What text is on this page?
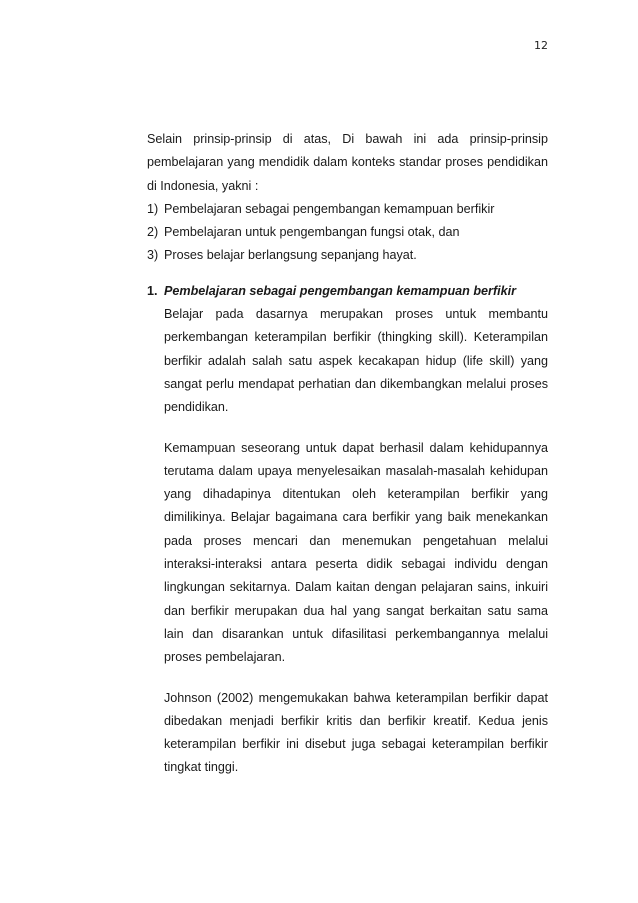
12

Selain prinsip-prinsip di atas, Di bawah ini ada prinsip-prinsip pembelajaran yang mendidik dalam konteks standar proses pendidikan di Indonesia, yakni :

1) Pembelajaran sebagai pengembangan kemampuan berfikir
2) Pembelajaran untuk pengembangan fungsi otak, dan
3) Proses belajar berlangsung sepanjang hayat.
1. Pembelajaran sebagai pengembangan kemampuan berfikir

Belajar pada dasarnya merupakan proses untuk membantu perkembangan keterampilan berfikir (thingking skill). Keterampilan berfikir adalah salah satu aspek kecakapan hidup (life skill) yang sangat perlu mendapat perhatian dan dikembangkan melalui proses pendidikan.

Kemampuan seseorang untuk dapat berhasil dalam kehidupannya terutama dalam upaya menyelesaikan masalah-masalah kehidupan yang dihadapinya ditentukan oleh keterampilan berfikir yang dimilikinya. Belajar bagaimana cara berfikir yang baik menekankan pada proses mencari dan menemukan pengetahuan melalui interaksi-interaksi antara peserta didik sebagai individu dengan lingkungan sekitarnya. Dalam kaitan dengan pelajaran sains, inkuiri dan berfikir merupakan dua hal yang sangat berkaitan satu sama lain dan disarankan untuk difasilitasi perkembangannya melalui proses pembelajaran.

Johnson (2002) mengemukakan bahwa keterampilan berfikir dapat dibedakan menjadi berfikir kritis dan berfikir kreatif. Kedua jenis keterampilan berfikir ini disebut juga sebagai keterampilan berfikir tingkat tinggi.
